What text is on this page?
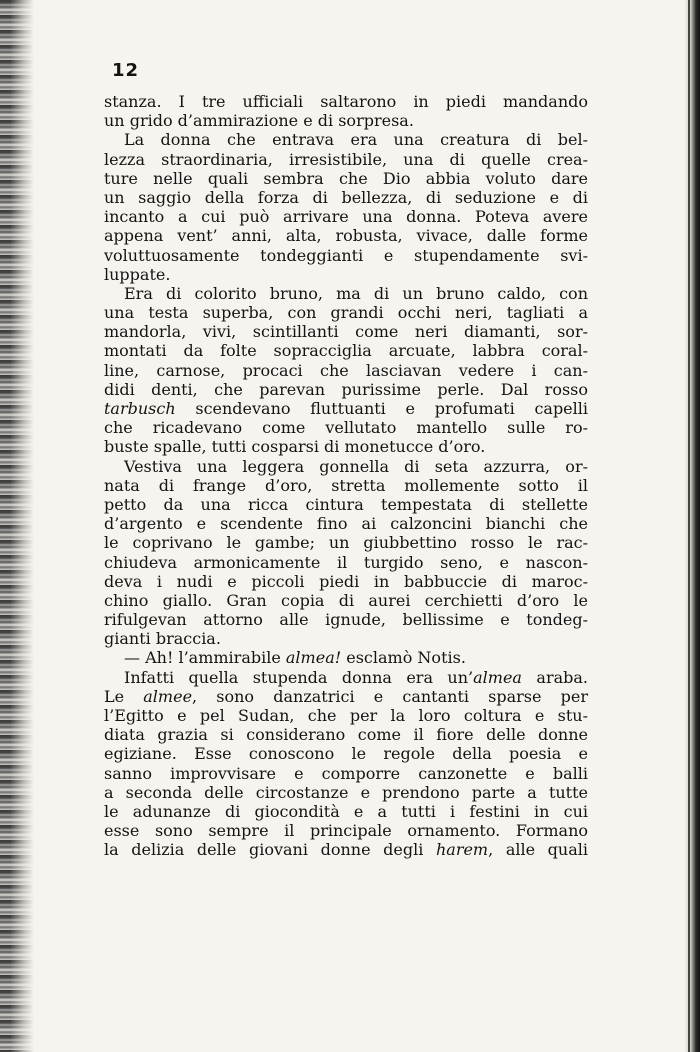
12
stanza. I tre ufficiali saltarono in piedi mandando
un grido d’ammirazione e di sorpresa.
La donna che entrava era una creatura di bel-
lezza straordinaria, irresistibile, una di quelle crea-
ture nelle quali sembra che Dio abbia voluto dare
un saggio della forza di bellezza, di seduzione e di
incanto a cui può arrivare una donna. Poteva avere
appena vent’ anni, alta, robusta, vivace, dalle forme
voluttuosamente tondeggianti e stupendamente svi-
luppate.
Era di colorito bruno, ma di un bruno caldo, con
una testa superba, con grandi occhi neri, tagliati a
mandorla, vivi, scintillanti come neri diamanti, sor-
montati da folte sopracciglia arcuate, labbra coral-
line, carnose, procaci che lasciavan vedere i can-
didi denti, che parevan purissime perle. Dal rosso
tarbusch scendevano fluttuanti e profumati capelli
che ricadevano come vellutato mantello sulle ro-
buste spalle, tutti cosparsi di monetucce d’oro.
Vestiva una leggera gonnella di seta azzurra, or-
nata di frange d’oro, stretta mollemente sotto il
petto da una ricca cintura tempestata di stellette
d’argento e scendente fino ai calzoncini bianchi che
le coprivano le gambe; un giubbettino rosso le rac-
chiudeva armonicamente il turgido seno, e nascon-
deva i nudi e piccoli piedi in babbuccie di maroc-
chino giallo. Gran copia di aurei cerchietti d’oro le
rifulgevan attorno alle ignude, bellissime e tondeg-
gianti braccia.
— Ah! l’ammirabile almea! esclamò Notis.
Infatti quella stupenda donna era un’almea araba.
Le almee, sono danzatrici e cantanti sparse per
l’Egitto e pel Sudan, che per la loro coltura e stu-
diata grazia si considerano come il fiore delle donne
egiziane. Esse conoscono le regole della poesia e
sanno improvvisare e comporre canzonette e balli
a seconda delle circostanze e prendono parte a tutte
le adunanze di giocondità e a tutti i festini in cui
esse sono sempre il principale ornamento. Formano
la delizia delle giovani donne degli harem, alle quali
